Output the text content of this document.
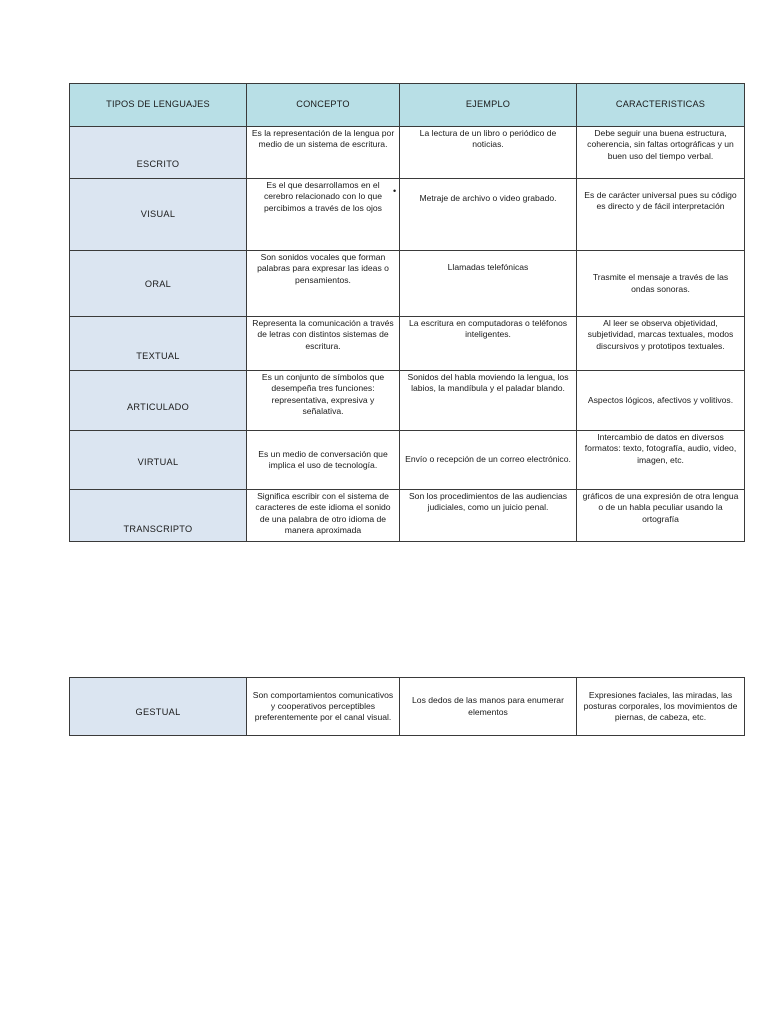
TIPOS DE LENGUAJES	CONCEPTO	EJEMPLO	CARACTERISTICAS
ESCRITO	Es la representación de la lengua por medio de un sistema de escritura.	La lectura de un libro o periódico de noticias.	Debe seguir una buena estructura, coherencia, sin faltas ortográficas y un buen uso del tiempo verbal.
VISUAL	Es el que desarrollamos en el cerebro relacionado con lo que percibimos a través de los ojos	Metraje de archivo o video grabado.	Es de carácter universal pues su código es directo y de fácil interpretación
ORAL	Son sonidos vocales que forman palabras para expresar las ideas o pensamientos.	Llamadas telefónicas	Trasmite el mensaje a través de las ondas sonoras.
TEXTUAL	Representa la comunicación a través de letras con distintos sistemas de escritura.	La escritura en computadoras o teléfonos inteligentes.	Al leer se observa objetividad, subjetividad, marcas textuales, modos discursivos y prototipos textuales.
ARTICULADO	Es un conjunto de símbolos que desempeña tres funciones: representativa, expresiva y señalativa.	Sonidos del habla moviendo la lengua, los labios, la mandíbula y el paladar blando.	Aspectos lógicos, afectivos y volitivos.
VIRTUAL	Es un medio de conversación que implica el uso de tecnología.	Envío o recepción de un correo electrónico.	Intercambio de datos en diversos formatos: texto, fotografía, audio, video, imagen, etc.
TRANSCRIPTO	Significa escribir con el sistema de caracteres de este idioma el sonido de una palabra de otro idioma de manera aproximada	Son los procedimientos de las audiencias judiciales, como un juicio penal.	gráficos de una expresión de otra lengua o de un habla peculiar usando la ortografía
•
GESTUAL	Son comportamientos comunicativos y cooperativos perceptibles preferentemente por el canal visual.	Los dedos de las manos para enumerar elementos	Expresiones faciales, las miradas, las posturas corporales, los movimientos de piernas, de cabeza, etc.
